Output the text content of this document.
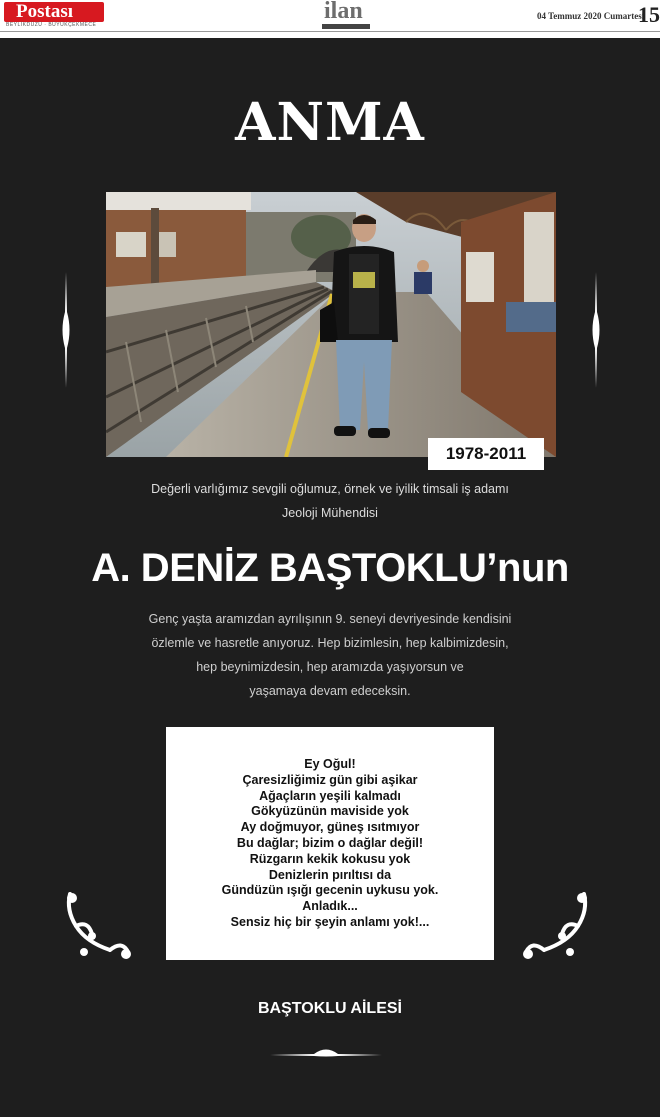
Postası
BEYLİKDÜZÜ · BÜYÜKÇEKMECE
ilan	04 Temmuz 2020 Cumartesi
15
ANMA
1978-2011
Değerli varlığımız sevgili oğlumuz, örnek ve iyilik timsali iş adamı
Jeoloji Mühendisi
A. DENİZ BAŞTOKLU’nun
Genç yaşta aramızdan ayrılışının 9. seneyi devriyesinde kendisini
özlemle ve hasretle anıyoruz. Hep bizimlesin, hep kalbimizdesin,
hep beynimizdesin, hep aramızda yaşıyorsun ve
yaşamaya devam edeceksin.
Ey Oğul!
Çaresizliğimiz gün gibi aşikar
Ağaçların yeşili kalmadı
Gökyüzünün maviside yok
Ay doğmuyor, güneş ısıtmıyor
Bu dağlar; bizim o dağlar değil!
Rüzgarın kekik kokusu yok
Denizlerin pırıltısı da
Gündüzün ışığı gecenin uykusu yok.
Anladık...
Sensiz hiç bir şeyin anlamı yok!...
BAŞTOKLU AİLESİ
